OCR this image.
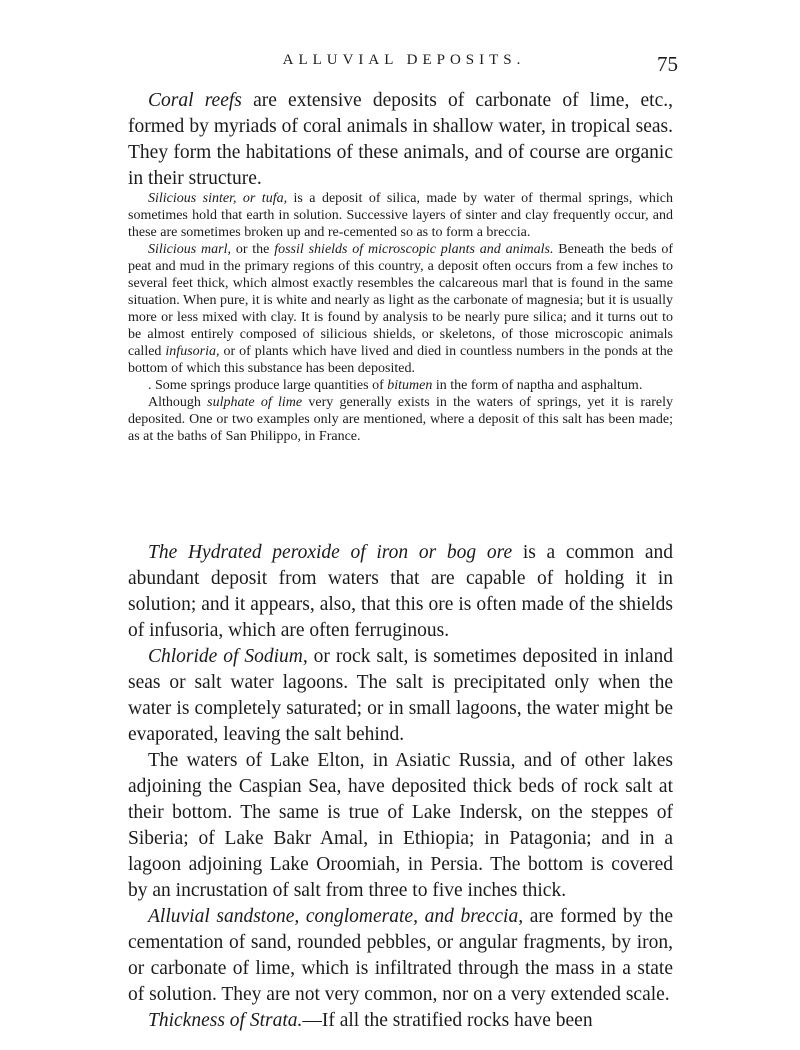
ALLUVIAL DEPOSITS.	75

Coral reefs are extensive deposits of carbonate of lime, etc., formed by myriads of coral animals in shallow water, in tropical seas. They form the habitations of these animals, and of course are organic in their structure.

Silicious sinter, or tufa, is a deposit of silica, made by water of thermal springs, which sometimes hold that earth in solution. Successive layers of sinter and clay frequently occur, and these are sometimes broken up and re-cemented so as to form a breccia.

Silicious marl, or the fossil shields of microscopic plants and animals. Beneath the beds of peat and mud in the primary regions of this country, a deposit often occurs from a few inches to several feet thick, which almost exactly resembles the calcareous marl that is found in the same situation. When pure, it is white and nearly as light as the carbonate of magnesia; but it is usually more or less mixed with clay. It is found by analysis to be nearly pure silica; and it turns out to be almost entirely composed of silicious shields, or skeletons, of those microscopic animals called infusoria, or of plants which have lived and died in countless numbers in the ponds at the bottom of which this substance has been deposited.

. Some springs produce large quantities of bitumen in the form of naptha and asphaltum.

Although sulphate of lime very generally exists in the waters of springs, yet it is rarely deposited. One or two examples only are mentioned, where a deposit of this salt has been made; as at the baths of San Philippo, in France.

The Hydrated peroxide of iron or bog ore is a common and abundant deposit from waters that are capable of holding it in solution; and it appears, also, that this ore is often made of the shields of infusoria, which are often ferruginous.

Chloride of Sodium, or rock salt, is sometimes deposited in inland seas or salt water lagoons. The salt is precipitated only when the water is completely saturated; or in small lagoons, the water might be evaporated, leaving the salt behind.

The waters of Lake Elton, in Asiatic Russia, and of other lakes adjoining the Caspian Sea, have deposited thick beds of rock salt at their bottom. The same is true of Lake Indersk, on the steppes of Siberia; of Lake Bakr Amal, in Ethiopia; in Patagonia; and in a lagoon adjoining Lake Oroomiah, in Persia. The bottom is covered by an incrustation of salt from three to five inches thick.

Alluvial sandstone, conglomerate, and breccia, are formed by the cementation of sand, rounded pebbles, or angular fragments, by iron, or carbonate of lime, which is infiltrated through the mass in a state of solution. They are not very common, nor on a very extended scale.

Thickness of Strata.—If all the stratified rocks have been
